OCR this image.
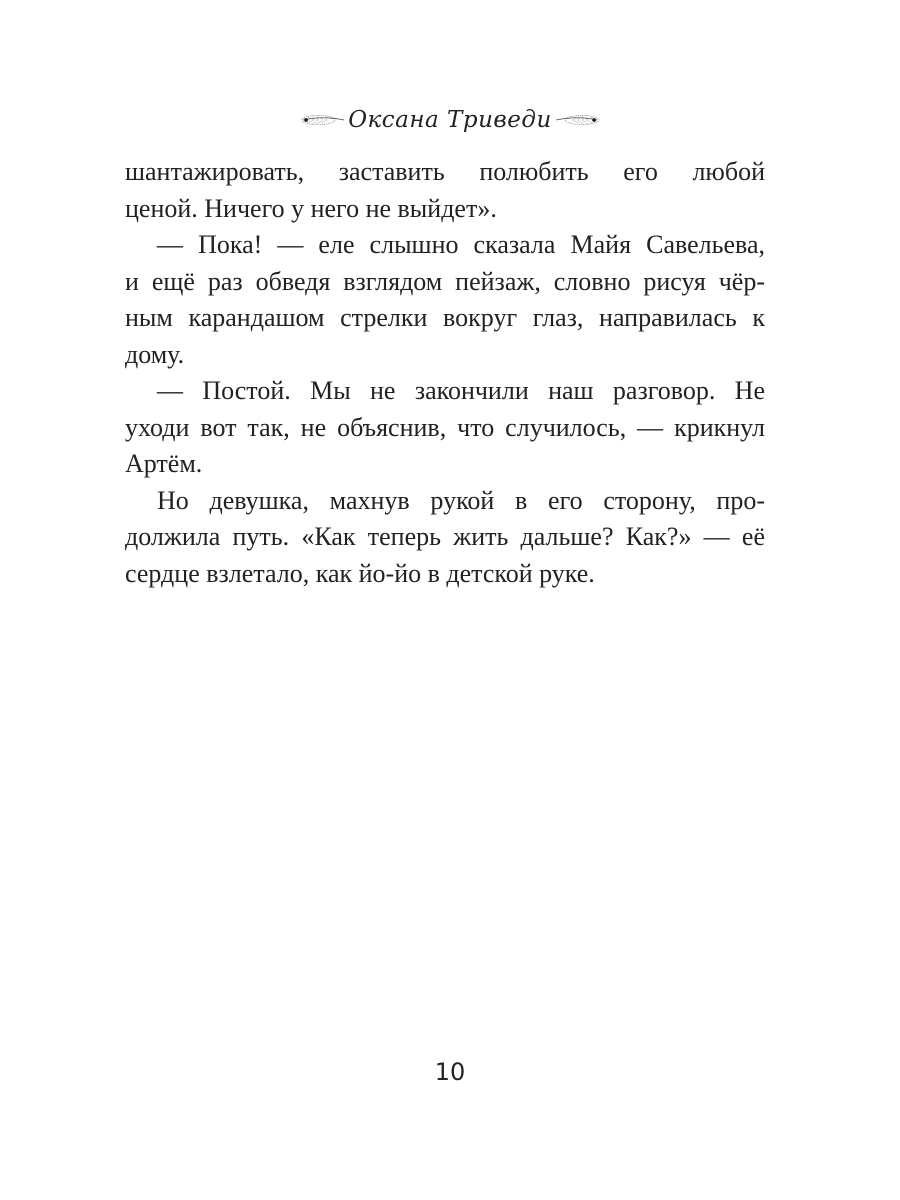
Оксана Триведи
шантажировать, заставить полюбить его любой
ценой. Ничего у него не выйдет».
— Пока! — еле слышно сказала Майя Савельева,
и ещё раз обведя взглядом пейзаж, словно рисуя чёр-
ным карандашом стрелки вокруг глаз, направилась к
дому.
— Постой. Мы не закончили наш разговор. Не
уходи вот так, не объяснив, что случилось, — крикнул
Артём.
Но девушка, махнув рукой в его сторону, про-
должила путь. «Как теперь жить дальше? Как?» — её
сердце взлетало, как йо-йо в детской руке.
10
